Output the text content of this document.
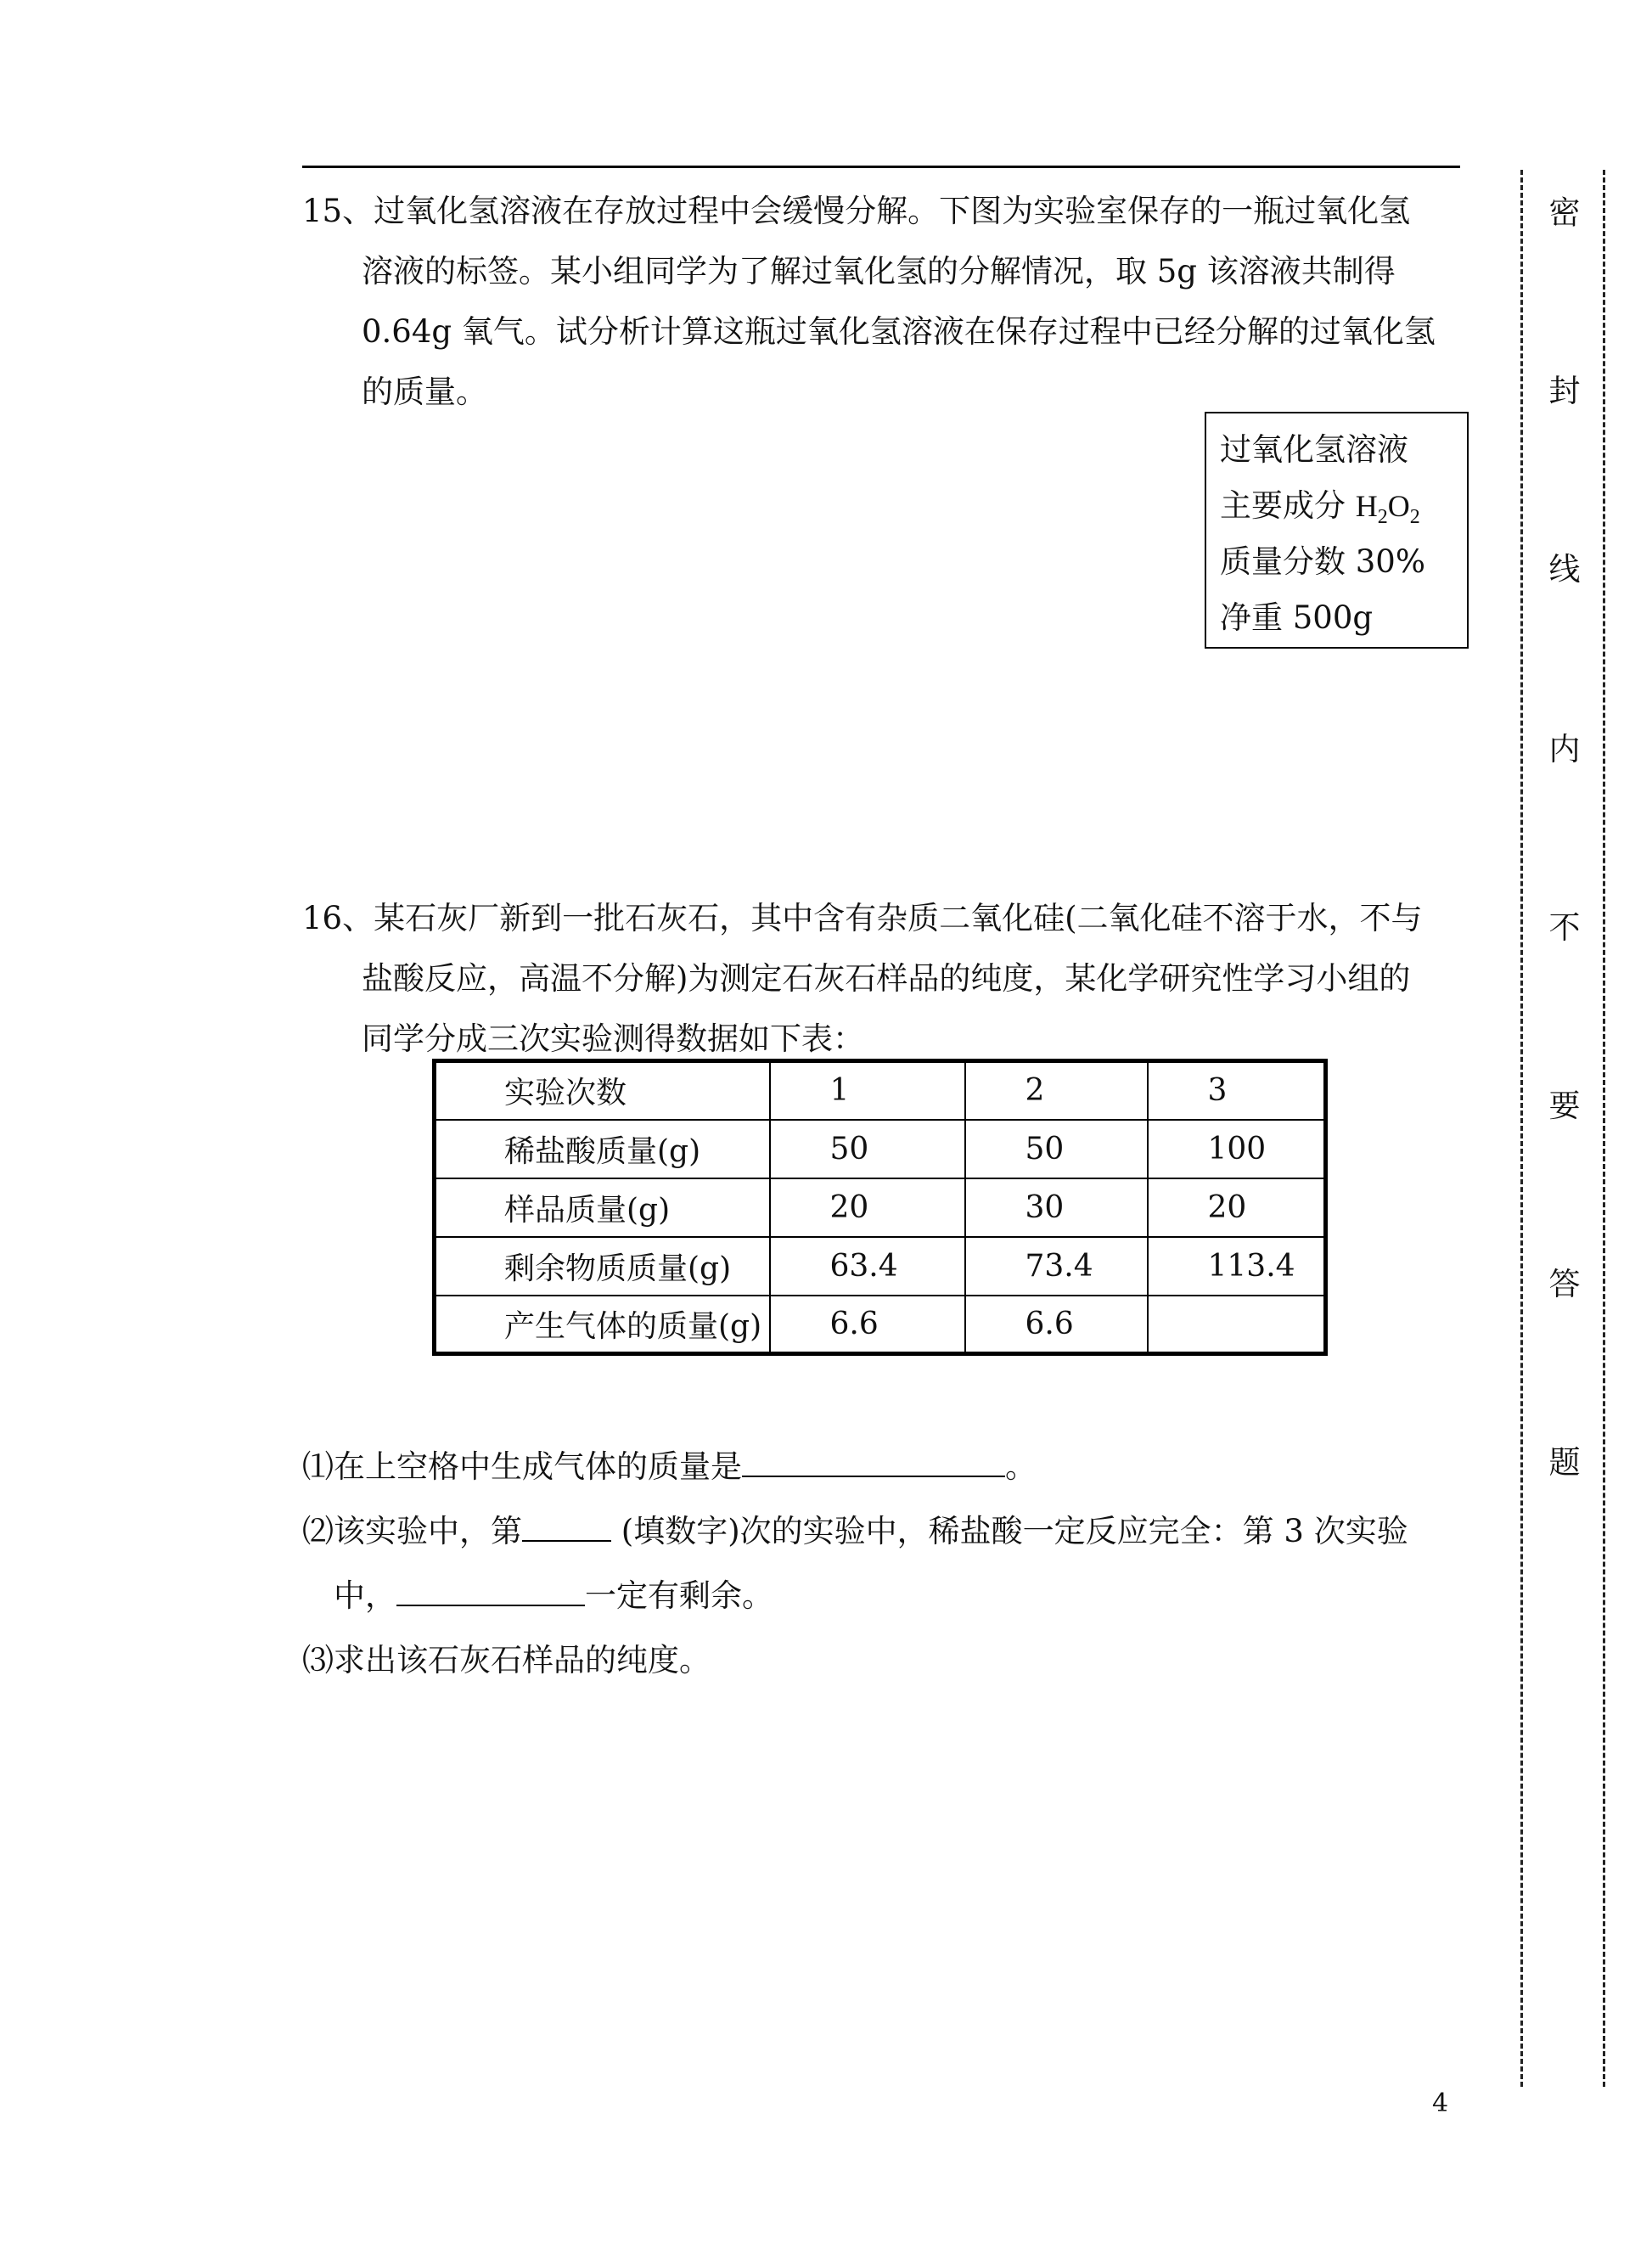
15、过氧化氢溶液在存放过程中会缓慢分解。下图为实验室保存的一瓶过氧化氢
溶液的标签。某小组同学为了解过氧化氢的分解情况，取 5g 该溶液共制得
0.64g 氧气。试分析计算这瓶过氧化氢溶液在保存过程中已经分解的过氧化氢
的质量。
过氧化氢溶液
主要成分 $H_2O_2$
质量分数 30%
净重 500g
16、某石灰厂新到一批石灰石，其中含有杂质二氧化硅(二氧化硅不溶于水，不与
盐酸反应，高温不分解)为测定石灰石样品的纯度，某化学研究性学习小组的
同学分成三次实验测得数据如下表：
实验次数	1	2	3
稀盐酸质量(g)	50	50	100
样品质量(g)	20	30	20
剩余物质质量(g)	63.4	73.4	113.4
产生气体的质量(g)	6.6	6.6	
⑴在上空格中生成气体的质量是	。
⑵该实验中，第	(填数字)次的实验中，稀盐酸一定反应完全：第 3 次实验
中，	一定有剩余。
⑶求出该石灰石样品的纯度。
密
封
线
内
不
要
答
题
4
